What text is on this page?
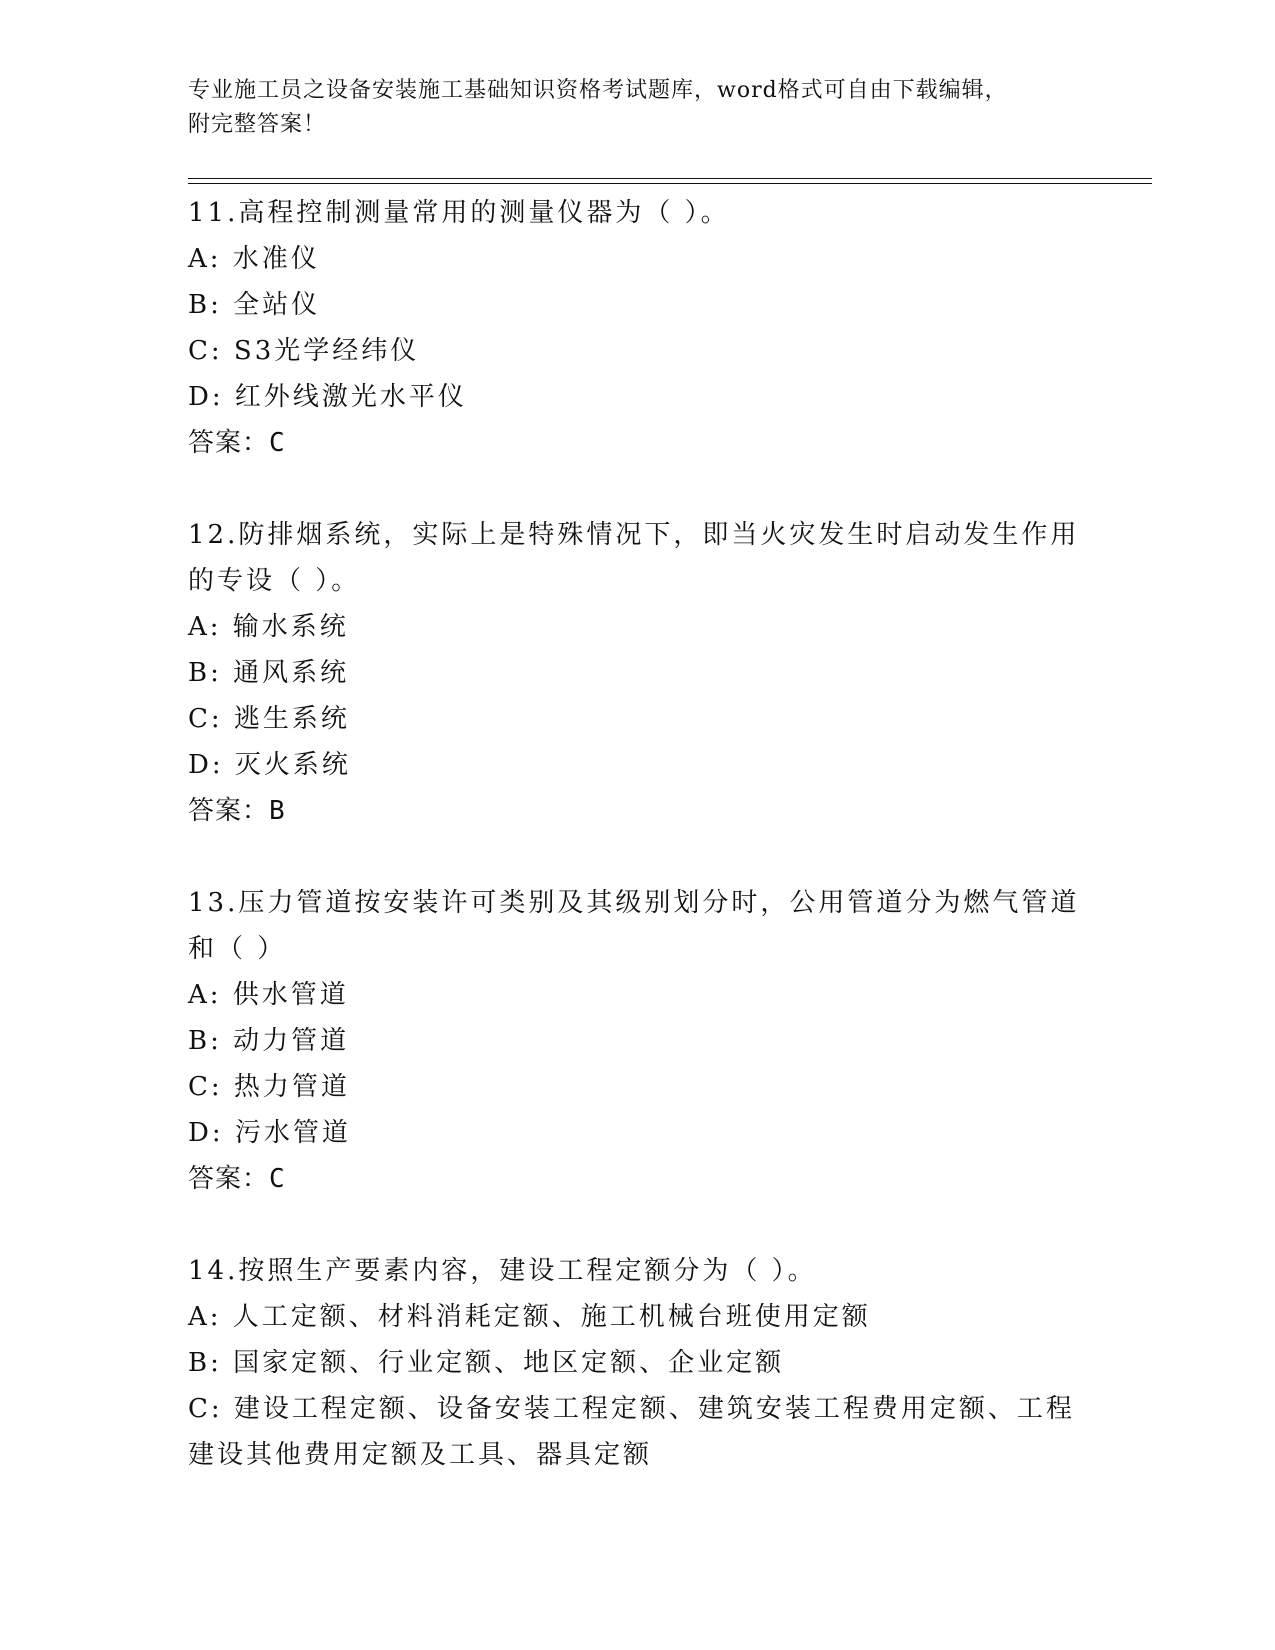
专业施工员之设备安装施工基础知识资格考试题库，word格式可自由下载编辑，
附完整答案！
11.高程控制测量常用的测量仪器为（ ）。
A: 水准仪
B: 全站仪
C: S3光学经纬仪
D: 红外线激光水平仪
答案：C
12.防排烟系统，实际上是特殊情况下，即当火灾发生时启动发生作用的专设（ ）。
A: 输水系统
B: 通风系统
C: 逃生系统
D: 灭火系统
答案：B
13.压力管道按安装许可类别及其级别划分时，公用管道分为燃气管道和（ ）
A: 供水管道
B: 动力管道
C: 热力管道
D: 污水管道
答案：C
14.按照生产要素内容，建设工程定额分为（ ）。
A: 人工定额、材料消耗定额、施工机械台班使用定额
B: 国家定额、行业定额、地区定额、企业定额
C: 建设工程定额、设备安装工程定额、建筑安装工程费用定额、工程建设其他费用定额及工具、器具定额
